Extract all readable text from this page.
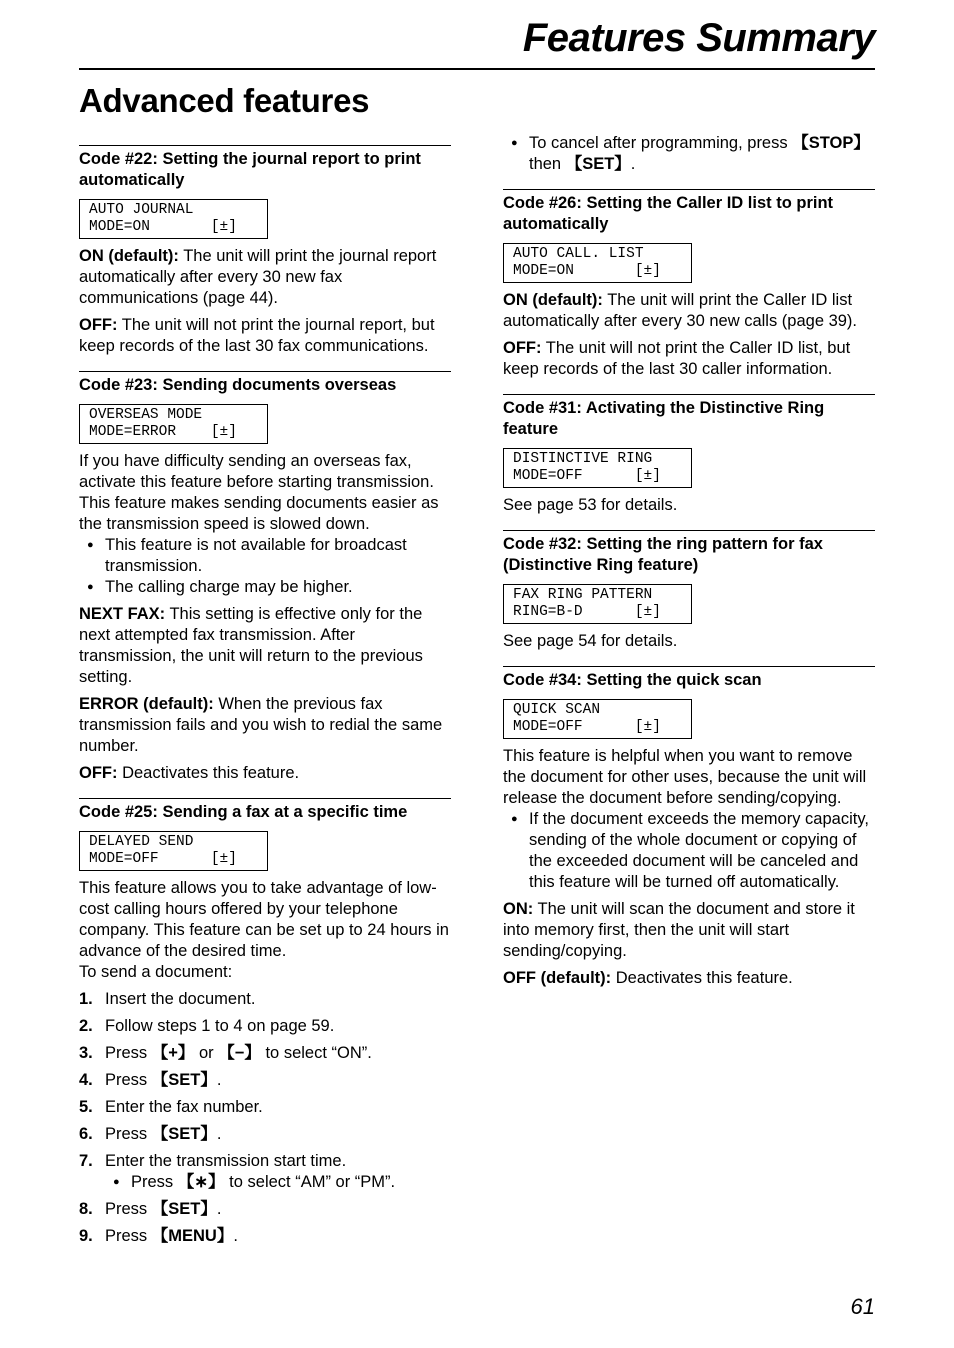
Features Summary
Advanced features

Code #22: Setting the journal report to print automatically

AUTO JOURNAL
MODE=ON       [±]

ON (default): The unit will print the journal report automatically after every 30 new fax communications (page 44).

OFF: The unit will not print the journal report, but keep records of the last 30 fax communications.

Code #23: Sending documents overseas

OVERSEAS MODE
MODE=ERROR    [±]

If you have difficulty sending an overseas fax, activate this feature before starting transmission. This feature makes sending documents easier as the transmission speed is slowed down.

● This feature is not available for broadcast transmission.
● The calling charge may be higher.

NEXT FAX: This setting is effective only for the next attempted fax transmission. After transmission, the unit will return to the previous setting.

ERROR (default): When the previous fax transmission fails and you wish to redial the same number.

OFF: Deactivates this feature.

Code #25: Sending a fax at a specific time

DELAYED SEND
MODE=OFF      [±]

This feature allows you to take advantage of low-cost calling hours offered by your telephone company. This feature can be set up to 24 hours in advance of the desired time.

To send a document:

1. Insert the document.
2. Follow steps 1 to 4 on page 59.
3. Press 【+】 or 【−】 to select “ON”.
4. Press 【SET】.
5. Enter the fax number.
6. Press 【SET】.
7. Enter the transmission start time.
● Press 【∗】 to select “AM” or “PM”.
8. Press 【SET】.
9. Press 【MENU】.
● To cancel after programming, press 【STOP】 then 【SET】.

Code #26: Setting the Caller ID list to print automatically

AUTO CALL. LIST
MODE=ON       [±]

ON (default): The unit will print the Caller ID list automatically after every 30 new calls (page 39).

OFF: The unit will not print the Caller ID list, but keep records of the last 30 caller information.

Code #31: Activating the Distinctive Ring feature

DISTINCTIVE RING
MODE=OFF      [±]

See page 53 for details.

Code #32: Setting the ring pattern for fax (Distinctive Ring feature)

FAX RING PATTERN
RING=B-D      [±]

See page 54 for details.

Code #34: Setting the quick scan

QUICK SCAN
MODE=OFF      [±]

This feature is helpful when you want to remove the document for other uses, because the unit will release the document before sending/copying.

● If the document exceeds the memory capacity, sending of the whole document or copying of the exceeded document will be canceled and this feature will be turned off automatically.

ON: The unit will scan the document and store it into memory first, then the unit will start sending/copying.

OFF (default): Deactivates this feature.

61
